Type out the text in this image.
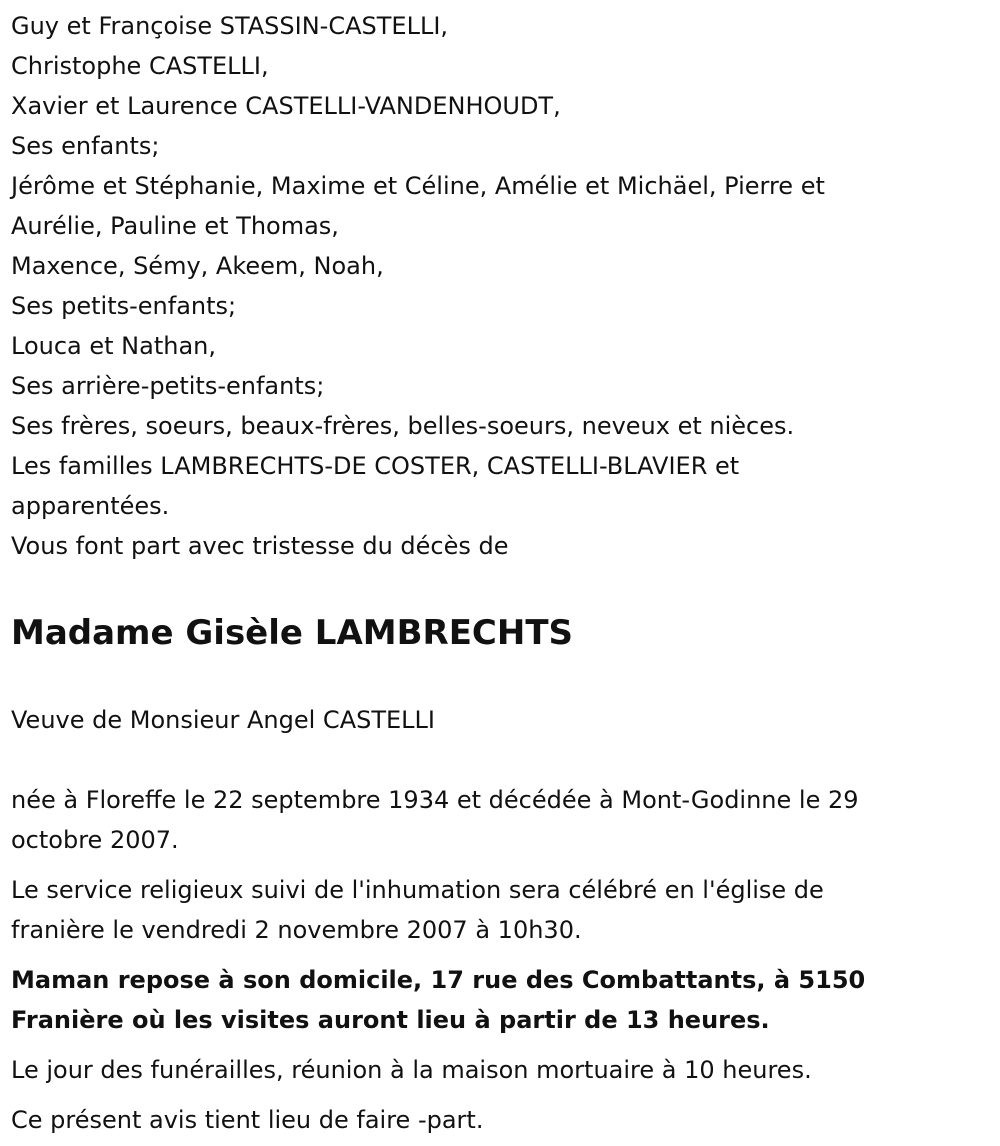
Guy et Françoise STASSIN-CASTELLI,

Christophe CASTELLI,

Xavier et Laurence CASTELLI-VANDENHOUDT,

Ses enfants;

Jérôme et Stéphanie, Maxime et Céline, Amélie et Michäel, Pierre et

Aurélie, Pauline et Thomas,

Maxence, Sémy, Akeem, Noah,

Ses petits-enfants;

Louca et Nathan,

Ses arrière-petits-enfants;

Ses frères, soeurs, beaux-frères, belles-soeurs, neveux et nièces.

Les familles LAMBRECHTS-DE COSTER, CASTELLI-BLAVIER et

apparentées.

Vous font part avec tristesse du décès de

Madame Gisèle LAMBRECHTS

Veuve de Monsieur Angel CASTELLI

née à Floreffe le 22 septembre 1934 et décédée à Mont-Godinne le 29

octobre 2007.

Le service religieux suivi de l'inhumation sera célébré en l'église de

franière le vendredi 2 novembre 2007 à 10h30.

Maman repose à son domicile, 17 rue des Combattants, à 5150

Franière où les visites auront lieu à partir de 13 heures.

Le jour des funérailles, réunion à la maison mortuaire à 10 heures.

Ce présent avis tient lieu de faire -part.
